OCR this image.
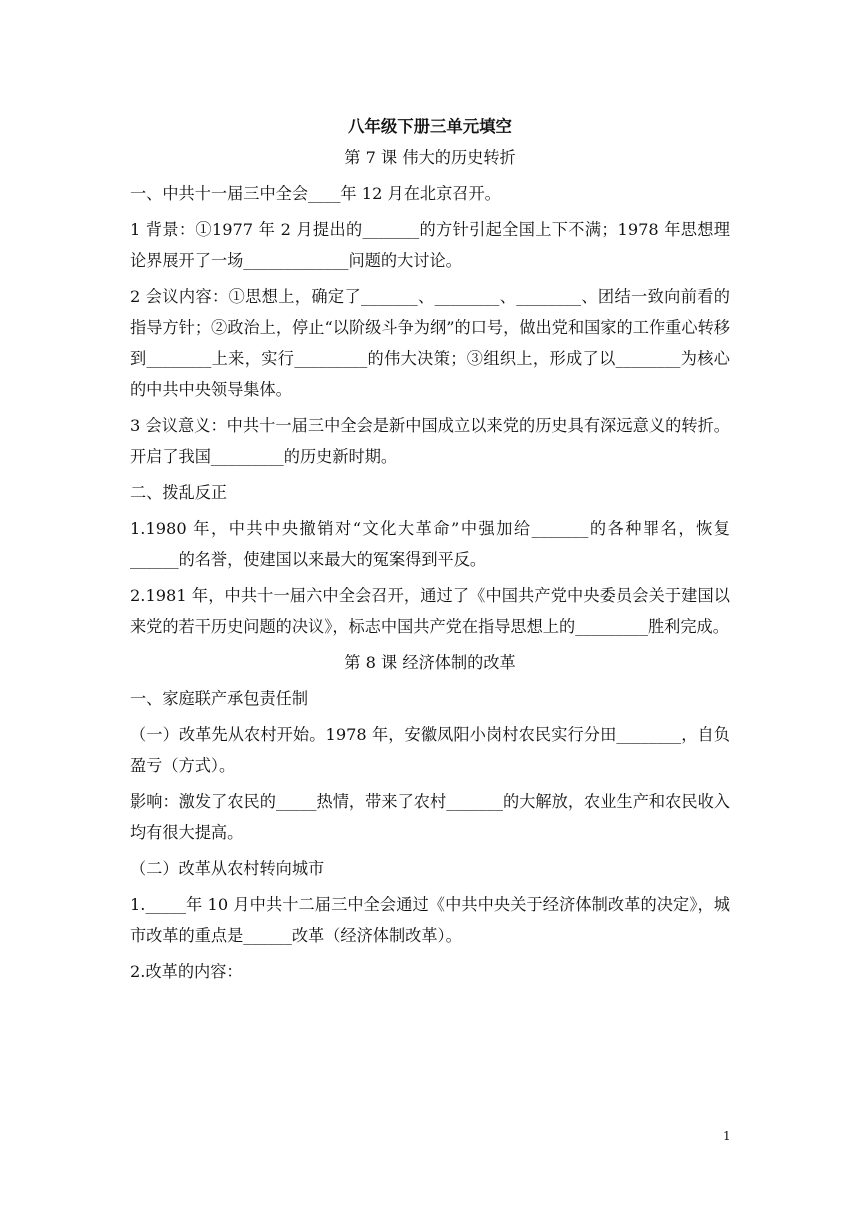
八年级下册三单元填空
第 7 课 伟大的历史转折

一、中共十一届三中全会____年 12 月在北京召开。

1 背景：①1977 年 2 月提出的_______的方针引起全国上下不满；1978 年思想理论界展开了一场_____________问题的大讨论。

2 会议内容：①思想上，确定了_______、________、________、团结一致向前看的指导方针；②政治上，停止“以阶级斗争为纲”的口号，做出党和国家的工作重心转移到________上来，实行_________的伟大决策；③组织上，形成了以________为核心的中共中央领导集体。

3 会议意义：中共十一届三中全会是新中国成立以来党的历史具有深远意义的转折。开启了我国_________的历史新时期。

二、拨乱反正

1.1980 年，中共中央撤销对“文化大革命”中强加给_______的各种罪名，恢复______的名誉，使建国以来最大的冤案得到平反。

2.1981 年，中共十一届六中全会召开，通过了《中国共产党中央委员会关于建国以来党的若干历史问题的决议》，标志中国共产党在指导思想上的_________胜利完成。

第 8 课 经济体制的改革

一、家庭联产承包责任制

（一）改革先从农村开始。1978 年，安徽凤阳小岗村农民实行分田________，自负盈亏（方式）。

影响：激发了农民的_____热情，带来了农村_______的大解放，农业生产和农民收入均有很大提高。

（二）改革从农村转向城市

1._____年 10 月中共十二届三中全会通过《中共中央关于经济体制改革的决定》，城市改革的重点是______改革（经济体制改革）。

2.改革的内容：

1
